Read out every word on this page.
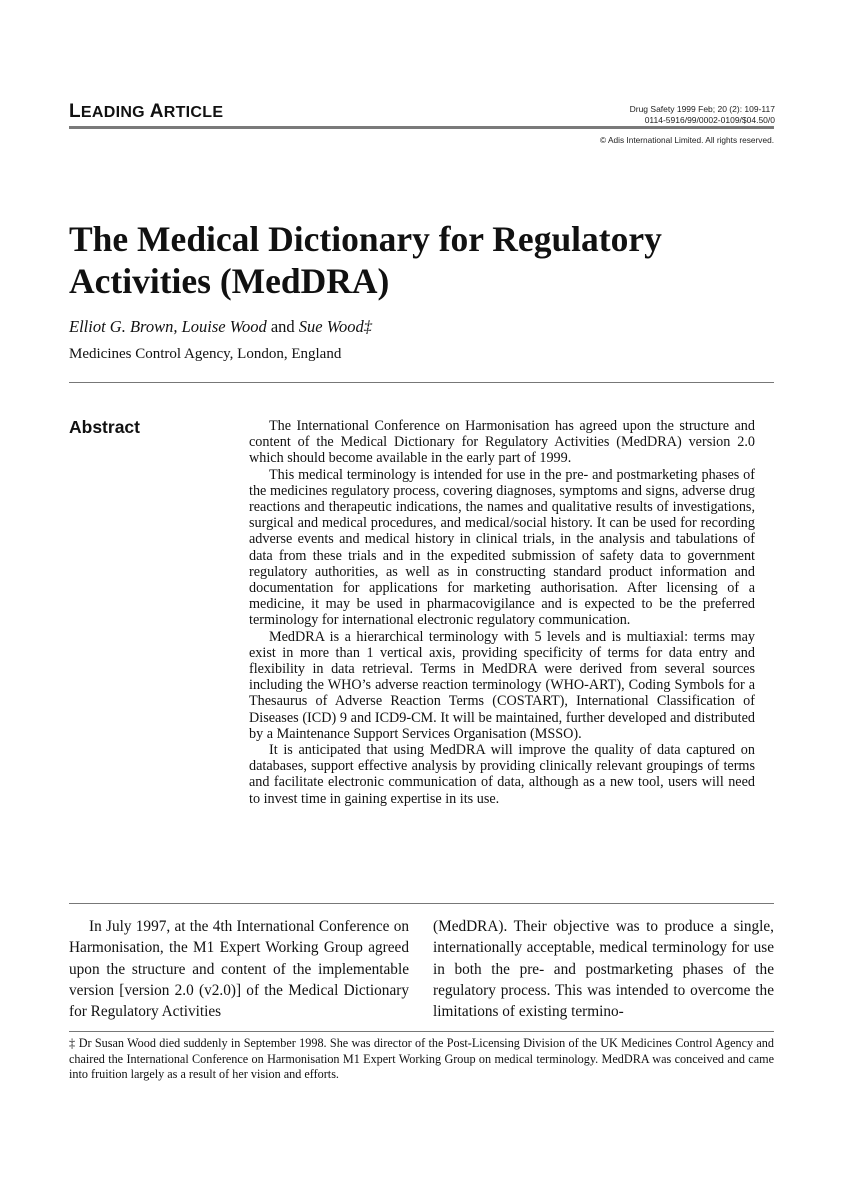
LEADING ARTICLE	Drug Safety 1999 Feb; 20 (2): 109-117
0114-5916/99/0002-0109/$04.50/0
© Adis International Limited. All rights reserved.
The Medical Dictionary for Regulatory Activities (MedDRA)
Elliot G. Brown, Louise Wood and Sue Wood‡
Medicines Control Agency, London, England
Abstract	The International Conference on Harmonisation has agreed upon the structure and content of the Medical Dictionary for Regulatory Activities (MedDRA) version 2.0 which should become available in the early part of 1999.

This medical terminology is intended for use in the pre- and postmarketing phases of the medicines regulatory process, covering diagnoses, symptoms and signs, adverse drug reactions and therapeutic indications, the names and qualitative results of investigations, surgical and medical procedures, and medical/social history. It can be used for recording adverse events and medical history in clinical trials, in the analysis and tabulations of data from these trials and in the expedited submission of safety data to government regulatory authorities, as well as in constructing standard product information and documentation for applications for marketing authorisation. After licensing of a medicine, it may be used in pharmacovigilance and is expected to be the preferred terminology for international electronic regulatory communication.

MedDRA is a hierarchical terminology with 5 levels and is multiaxial: terms may exist in more than 1 vertical axis, providing specificity of terms for data entry and flexibility in data retrieval. Terms in MedDRA were derived from several sources including the WHO’s adverse reaction terminology (WHO-ART), Coding Symbols for a Thesaurus of Adverse Reaction Terms (COSTART), International Classification of Diseases (ICD) 9 and ICD9-CM. It will be maintained, further developed and distributed by a Maintenance Support Services Organisation (MSSO).

It is anticipated that using MedDRA will improve the quality of data captured on databases, support effective analysis by providing clinically relevant groupings of terms and facilitate electronic communication of data, although as a new tool, users will need to invest time in gaining expertise in its use.

In July 1997, at the 4th International Conference on Harmonisation, the M1 Expert Working Group agreed upon the structure and content of the implementable version [version 2.0 (v2.0)] of the Medical Dictionary for Regulatory Activities

(MedDRA). Their objective was to produce a single, internationally acceptable, medical terminology for use in both the pre- and postmarketing phases of the regulatory process. This was intended to overcome the limitations of existing termino-

‡ Dr Susan Wood died suddenly in September 1998. She was director of the Post-Licensing Division of the UK Medicines Control Agency and chaired the International Conference on Harmonisation M1 Expert Working Group on medical terminology. MedDRA was conceived and came into fruition largely as a result of her vision and efforts.
